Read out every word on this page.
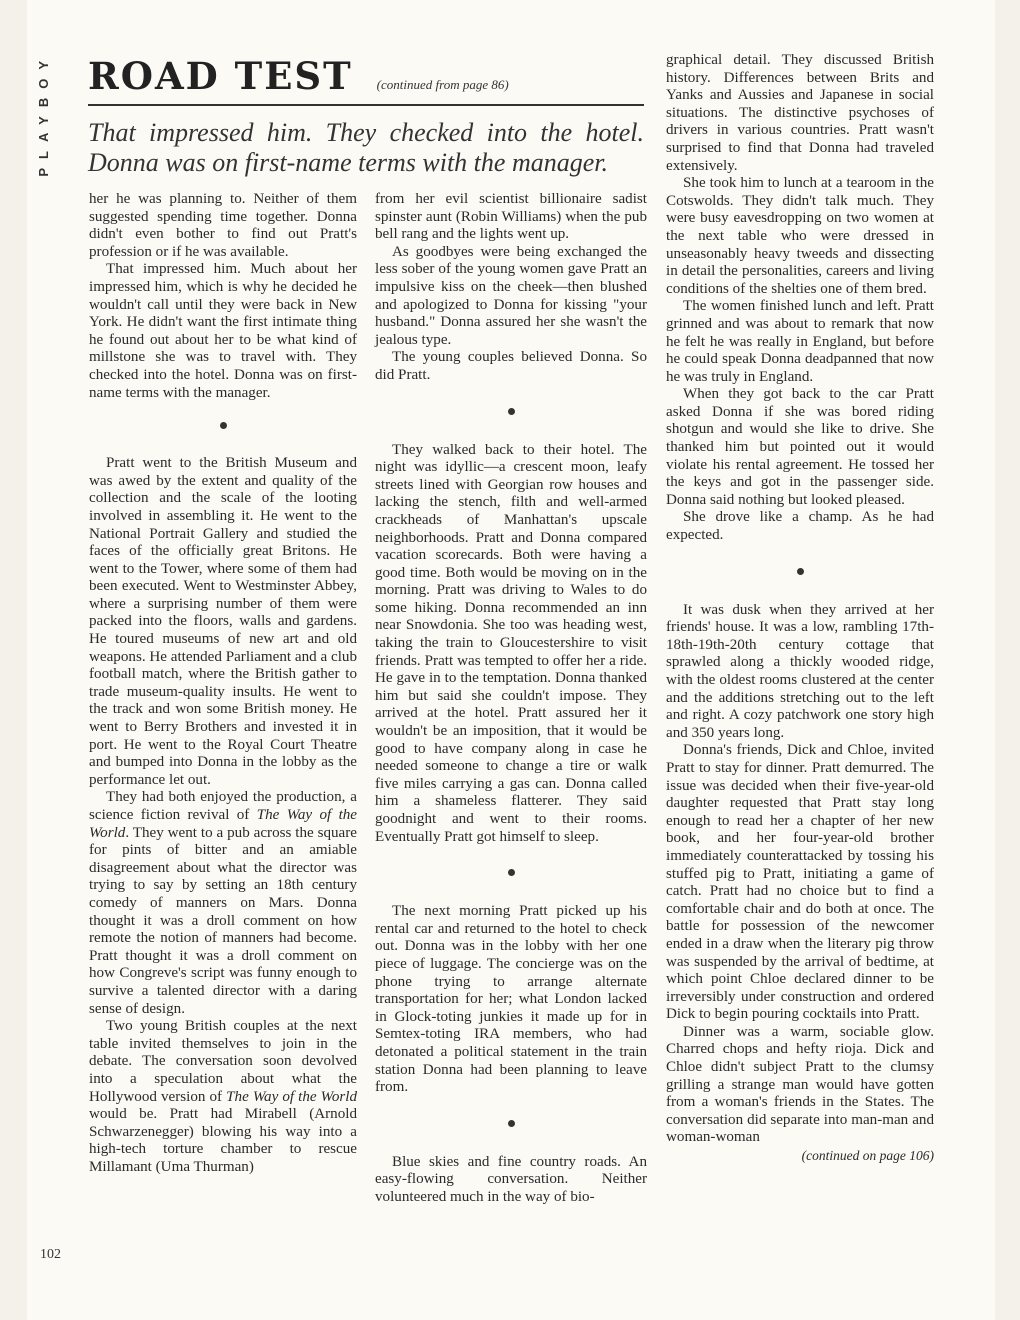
PLAYBOY
102
ROAD TEST (continued from page 86)
That impressed him. They checked into the hotel. Donna was on first-name terms with the manager.

her he was planning to. Neither of them suggested spending time together. Donna didn't even bother to find out Pratt's profession or if he was available.

That impressed him. Much about her impressed him, which is why he decided he wouldn't call until they were back in New York. He didn't want the first intimate thing he found out about her to be what kind of millstone she was to travel with. They checked into the hotel. Donna was on first-name terms with the manager.

Pratt went to the British Museum and was awed by the extent and quality of the collection and the scale of the looting involved in assembling it. He went to the National Portrait Gallery and studied the faces of the officially great Britons. He went to the Tower, where some of them had been executed. Went to Westminster Abbey, where a surprising number of them were packed into the floors, walls and gardens. He toured museums of new art and old weapons. He attended Parliament and a club football match, where the British gather to trade museum-quality insults. He went to the track and won some British money. He went to Berry Brothers and invested it in port. He went to the Royal Court Theatre and bumped into Donna in the lobby as the performance let out.

They had both enjoyed the production, a science fiction revival of The Way of the World. They went to a pub across the square for pints of bitter and an amiable disagreement about what the director was trying to say by setting an 18th century comedy of manners on Mars. Donna thought it was a droll comment on how remote the notion of manners had become. Pratt thought it was a droll comment on how Congreve's script was funny enough to survive a talented director with a daring sense of design.

Two young British couples at the next table invited themselves to join in the debate. The conversation soon devolved into a speculation about what the Hollywood version of The Way of the World would be. Pratt had Mirabell (Arnold Schwarzenegger) blowing his way into a high-tech torture chamber to rescue Millamant (Uma Thurman)

from her evil scientist billionaire sadist spinster aunt (Robin Williams) when the pub bell rang and the lights went up.

As goodbyes were being exchanged the less sober of the young women gave Pratt an impulsive kiss on the cheek—then blushed and apologized to Donna for kissing "your husband." Donna assured her she wasn't the jealous type.

The young couples believed Donna. So did Pratt.

They walked back to their hotel. The night was idyllic—a crescent moon, leafy streets lined with Georgian row houses and lacking the stench, filth and well-armed crackheads of Manhattan's upscale neighborhoods. Pratt and Donna compared vacation scorecards. Both were having a good time. Both would be moving on in the morning. Pratt was driving to Wales to do some hiking. Donna recommended an inn near Snowdonia. She too was heading west, taking the train to Gloucestershire to visit friends. Pratt was tempted to offer her a ride. He gave in to the temptation. Donna thanked him but said she couldn't impose. They arrived at the hotel. Pratt assured her it wouldn't be an imposition, that it would be good to have company along in case he needed someone to change a tire or walk five miles carrying a gas can. Donna called him a shameless flatterer. They said goodnight and went to their rooms. Eventually Pratt got himself to sleep.

The next morning Pratt picked up his rental car and returned to the hotel to check out. Donna was in the lobby with her one piece of luggage. The concierge was on the phone trying to arrange alternate transportation for her; what London lacked in Glock-toting junkies it made up for in Semtex-toting IRA members, who had detonated a political statement in the train station Donna had been planning to leave from.

Blue skies and fine country roads. An easy-flowing conversation. Neither volunteered much in the way of bio-

graphical detail. They discussed British history. Differences between Brits and Yanks and Aussies and Japanese in social situations. The distinctive psychoses of drivers in various countries. Pratt wasn't surprised to find that Donna had traveled extensively.

She took him to lunch at a tearoom in the Cotswolds. They didn't talk much. They were busy eavesdropping on two women at the next table who were dressed in unseasonably heavy tweeds and dissecting in detail the personalities, careers and living conditions of the shelties one of them bred.

The women finished lunch and left. Pratt grinned and was about to remark that now he felt he was really in England, but before he could speak Donna deadpanned that now he was truly in England.

When they got back to the car Pratt asked Donna if she was bored riding shotgun and would she like to drive. She thanked him but pointed out it would violate his rental agreement. He tossed her the keys and got in the passenger side. Donna said nothing but looked pleased.

She drove like a champ. As he had expected.

It was dusk when they arrived at her friends' house. It was a low, rambling 17th-18th-19th-20th century cottage that sprawled along a thickly wooded ridge, with the oldest rooms clustered at the center and the additions stretching out to the left and right. A cozy patchwork one story high and 350 years long.

Donna's friends, Dick and Chloe, invited Pratt to stay for dinner. Pratt demurred. The issue was decided when their five-year-old daughter requested that Pratt stay long enough to read her a chapter of her new book, and her four-year-old brother immediately counterattacked by tossing his stuffed pig to Pratt, initiating a game of catch. Pratt had no choice but to find a comfortable chair and do both at once. The battle for possession of the newcomer ended in a draw when the literary pig throw was suspended by the arrival of bedtime, at which point Chloe declared dinner to be irreversibly under construction and ordered Dick to begin pouring cocktails into Pratt.

Dinner was a warm, sociable glow. Charred chops and hefty rioja. Dick and Chloe didn't subject Pratt to the clumsy grilling a strange man would have gotten from a woman's friends in the States. The conversation did separate into man-man and woman-woman

(continued on page 106)
